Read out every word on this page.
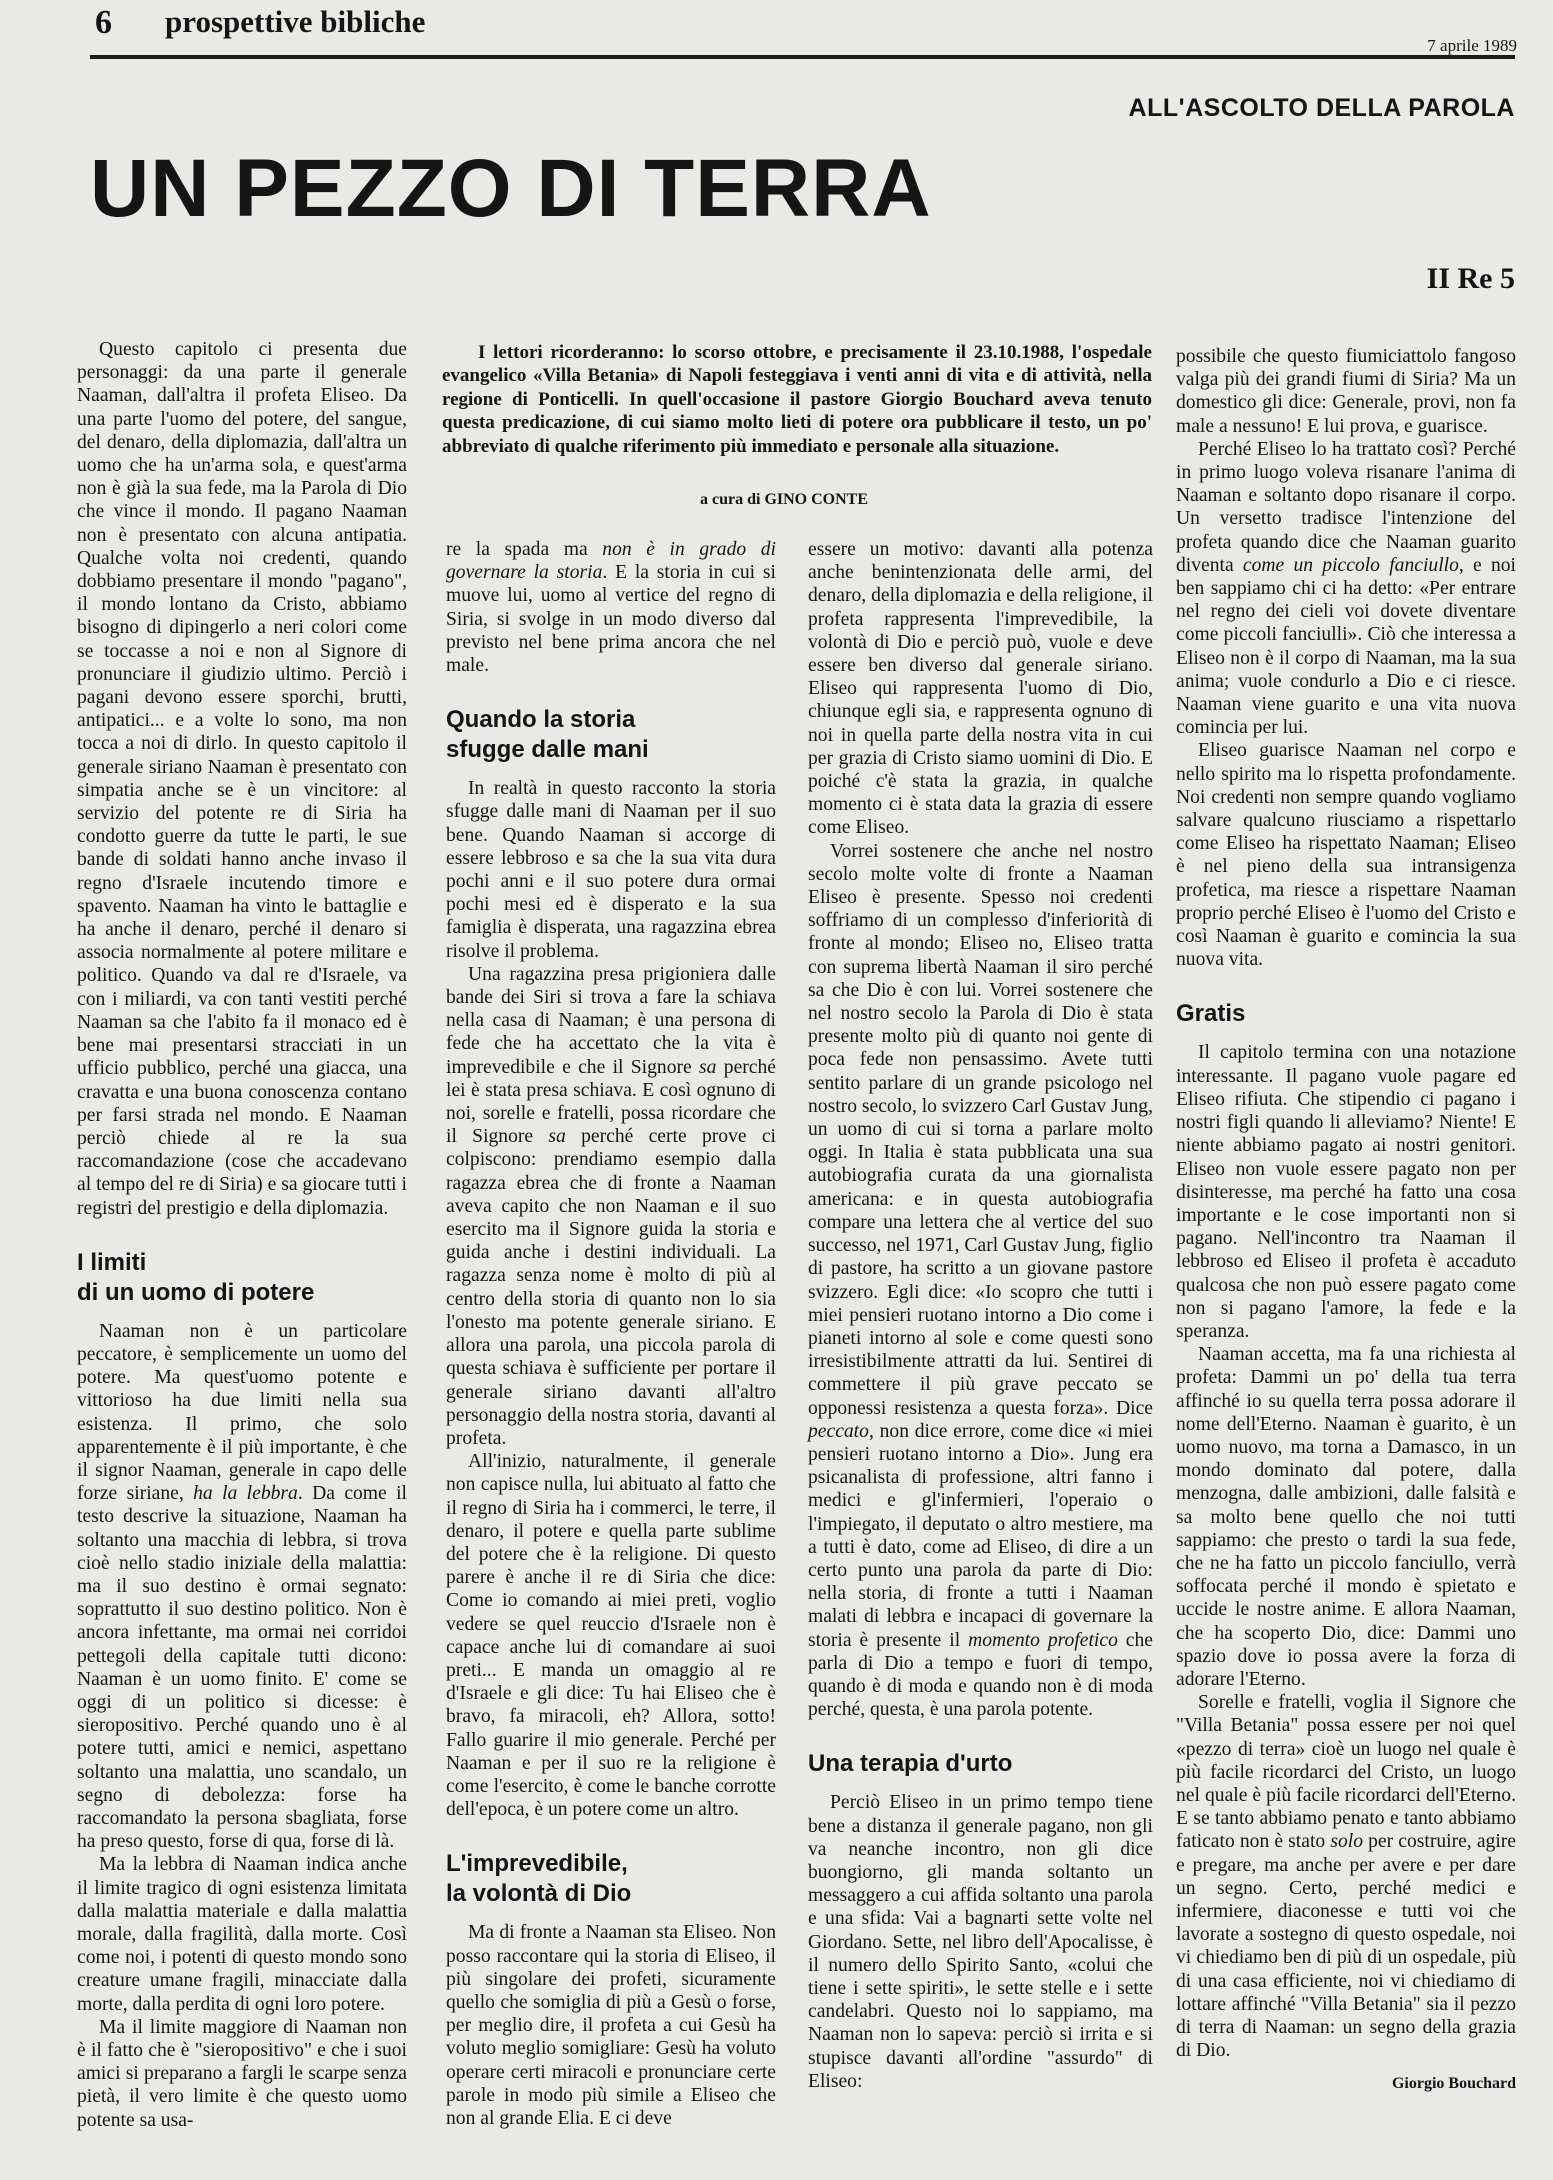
6 prospettive bibliche
7 aprile 1989
ALL'ASCOLTO DELLA PAROLA
UN PEZZO DI TERRA
II Re 5

Questo capitolo ci presenta due personaggi: da una parte il generale Naaman, dall'altra il profeta Eliseo. Da una parte l'uomo del potere, del sangue, del denaro, della diplomazia, dall'altra un uomo che ha un'arma sola, e quest'arma non è già la sua fede, ma la Parola di Dio che vince il mondo. Il pagano Naaman non è presentato con alcuna antipatia. Qualche volta noi credenti, quando dobbiamo presentare il mondo "pagano", il mondo lontano da Cristo, abbiamo bisogno di dipingerlo a neri colori come se toccasse a noi e non al Signore di pronunciare il giudizio ultimo. Perciò i pagani devono essere sporchi, brutti, antipatici... e a volte lo sono, ma non tocca a noi di dirlo. In questo capitolo il generale siriano Naaman è presentato con simpatia anche se è un vincitore: al servizio del potente re di Siria ha condotto guerre da tutte le parti, le sue bande di soldati hanno anche invaso il regno d'Israele incutendo timore e spavento. Naaman ha vinto le battaglie e ha anche il denaro, perché il denaro si associa normalmente al potere militare e politico. Quando va dal re d'Israele, va con i miliardi, va con tanti vestiti perché Naaman sa che l'abito fa il monaco ed è bene mai presentarsi stracciati in un ufficio pubblico, perché una giacca, una cravatta e una buona conoscenza contano per farsi strada nel mondo. E Naaman perciò chiede al re la sua raccomandazione (cose che accadevano al tempo del re di Siria) e sa giocare tutti i registri del prestigio e della diplomazia.

I limiti
di un uomo di potere

Naaman non è un particolare peccatore, è semplicemente un uomo del potere. Ma quest'uomo potente e vittorioso ha due limiti nella sua esistenza. Il primo, che solo apparentemente è il più importante, è che il signor Naaman, generale in capo delle forze siriane, ha la lebbra. Da come il testo descrive la situazione, Naaman ha soltanto una macchia di lebbra, si trova cioè nello stadio iniziale della malattia: ma il suo destino è ormai segnato: soprattutto il suo destino politico. Non è ancora infettante, ma ormai nei corridoi pettegoli della capitale tutti dicono: Naaman è un uomo finito. E' come se oggi di un politico si dicesse: è sieropositivo. Perché quando uno è al potere tutti, amici e nemici, aspettano soltanto una malattia, uno scandalo, un segno di debolezza: forse ha raccomandato la persona sbagliata, forse ha preso questo, forse di qua, forse di là.

Ma la lebbra di Naaman indica anche il limite tragico di ogni esistenza limitata dalla malattia materiale e dalla malattia morale, dalla fragilità, dalla morte. Così come noi, i potenti di questo mondo sono creature umane fragili, minacciate dalla morte, dalla perdita di ogni loro potere.

Ma il limite maggiore di Naaman non è il fatto che è "sieropositivo" e che i suoi amici si preparano a fargli le scarpe senza pietà, il vero limite è che questo uomo potente sa usa-

I lettori ricorderanno: lo scorso ottobre, e precisamente il 23.10.1988, l'ospedale evangelico «Villa Betania» di Napoli festeggiava i venti anni di vita e di attività, nella regione di Ponticelli. In quell'occasione il pastore Giorgio Bouchard aveva tenuto questa predicazione, di cui siamo molto lieti di potere ora pubblicare il testo, un po' abbreviato di qualche riferimento più immediato e personale alla situazione.

a cura di GINO CONTE

re la spada ma non è in grado di governare la storia. E la storia in cui si muove lui, uomo al vertice del regno di Siria, si svolge in un modo diverso dal previsto nel bene prima ancora che nel male.

Quando la storia
sfugge dalle mani

In realtà in questo racconto la storia sfugge dalle mani di Naaman per il suo bene. Quando Naaman si accorge di essere lebbroso e sa che la sua vita dura pochi anni e il suo potere dura ormai pochi mesi ed è disperato e la sua famiglia è disperata, una ragazzina ebrea risolve il problema.

Una ragazzina presa prigioniera dalle bande dei Siri si trova a fare la schiava nella casa di Naaman; è una persona di fede che ha accettato che la vita è imprevedibile e che il Signore sa perché lei è stata presa schiava. E così ognuno di noi, sorelle e fratelli, possa ricordare che il Signore sa perché certe prove ci colpiscono: prendiamo esempio dalla ragazza ebrea che di fronte a Naaman aveva capito che non Naaman e il suo esercito ma il Signore guida la storia e guida anche i destini individuali. La ragazza senza nome è molto di più al centro della storia di quanto non lo sia l'onesto ma potente generale siriano. E allora una parola, una piccola parola di questa schiava è sufficiente per portare il generale siriano davanti all'altro personaggio della nostra storia, davanti al profeta.

All'inizio, naturalmente, il generale non capisce nulla, lui abituato al fatto che il regno di Siria ha i commerci, le terre, il denaro, il potere e quella parte sublime del potere che è la religione. Di questo parere è anche il re di Siria che dice: Come io comando ai miei preti, voglio vedere se quel reuccio d'Israele non è capace anche lui di comandare ai suoi preti... E manda un omaggio al re d'Israele e gli dice: Tu hai Eliseo che è bravo, fa miracoli, eh? Allora, sotto! Fallo guarire il mio generale. Perché per Naaman e per il suo re la religione è come l'esercito, è come le banche corrotte dell'epoca, è un potere come un altro.

L'imprevedibile,
la volontà di Dio

Ma di fronte a Naaman sta Eliseo. Non posso raccontare qui la storia di Eliseo, il più singolare dei profeti, sicuramente quello che somiglia di più a Gesù o forse, per meglio dire, il profeta a cui Gesù ha voluto meglio somigliare: Gesù ha voluto operare certi miracoli e pronunciare certe parole in modo più simile a Eliseo che non al grande Elia. E ci deve

essere un motivo: davanti alla potenza anche benintenzionata delle armi, del denaro, della diplomazia e della religione, il profeta rappresenta l'imprevedibile, la volontà di Dio e perciò può, vuole e deve essere ben diverso dal generale siriano. Eliseo qui rappresenta l'uomo di Dio, chiunque egli sia, e rappresenta ognuno di noi in quella parte della nostra vita in cui per grazia di Cristo siamo uomini di Dio. E poiché c'è stata la grazia, in qualche momento ci è stata data la grazia di essere come Eliseo.

Vorrei sostenere che anche nel nostro secolo molte volte di fronte a Naaman Eliseo è presente. Spesso noi credenti soffriamo di un complesso d'inferiorità di fronte al mondo; Eliseo no, Eliseo tratta con suprema libertà Naaman il siro perché sa che Dio è con lui. Vorrei sostenere che nel nostro secolo la Parola di Dio è stata presente molto più di quanto noi gente di poca fede non pensassimo. Avete tutti sentito parlare di un grande psicologo nel nostro secolo, lo svizzero Carl Gustav Jung, un uomo di cui si torna a parlare molto oggi. In Italia è stata pubblicata una sua autobiografia curata da una giornalista americana: e in questa autobiografia compare una lettera che al vertice del suo successo, nel 1971, Carl Gustav Jung, figlio di pastore, ha scritto a un giovane pastore svizzero. Egli dice: «Io scopro che tutti i miei pensieri ruotano intorno a Dio come i pianeti intorno al sole e come questi sono irresistibilmente attratti da lui. Sentirei di commettere il più grave peccato se opponessi resistenza a questa forza». Dice peccato, non dice errore, come dice «i miei pensieri ruotano intorno a Dio». Jung era psicanalista di professione, altri fanno i medici e gl'infermieri, l'operaio o l'impiegato, il deputato o altro mestiere, ma a tutti è dato, come ad Eliseo, di dire a un certo punto una parola da parte di Dio: nella storia, di fronte a tutti i Naaman malati di lebbra e incapaci di governare la storia è presente il momento profetico che parla di Dio a tempo e fuori di tempo, quando è di moda e quando non è di moda perché, questa, è una parola potente.

Una terapia d'urto

Perciò Eliseo in un primo tempo tiene bene a distanza il generale pagano, non gli va neanche incontro, non gli dice buongiorno, gli manda soltanto un messaggero a cui affida soltanto una parola e una sfida: Vai a bagnarti sette volte nel Giordano. Sette, nel libro dell'Apocalisse, è il numero dello Spirito Santo, «colui che tiene i sette spiriti», le sette stelle e i sette candelabri. Questo noi lo sappiamo, ma Naaman non lo sapeva: perciò si irrita e si stupisce davanti all'ordine "assurdo" di Eliseo:

possibile che questo fiumiciattolo fangoso valga più dei grandi fiumi di Siria? Ma un domestico gli dice: Generale, provi, non fa male a nessuno! E lui prova, e guarisce.

Perché Eliseo lo ha trattato così? Perché in primo luogo voleva risanare l'anima di Naaman e soltanto dopo risanare il corpo. Un versetto tradisce l'intenzione del profeta quando dice che Naaman guarito diventa come un piccolo fanciullo, e noi ben sappiamo chi ci ha detto: «Per entrare nel regno dei cieli voi dovete diventare come piccoli fanciulli». Ciò che interessa a Eliseo non è il corpo di Naaman, ma la sua anima; vuole condurlo a Dio e ci riesce. Naaman viene guarito e una vita nuova comincia per lui.

Eliseo guarisce Naaman nel corpo e nello spirito ma lo rispetta profondamente. Noi credenti non sempre quando vogliamo salvare qualcuno riusciamo a rispettarlo come Eliseo ha rispettato Naaman; Eliseo è nel pieno della sua intransigenza profetica, ma riesce a rispettare Naaman proprio perché Eliseo è l'uomo del Cristo e così Naaman è guarito e comincia la sua nuova vita.

Gratis

Il capitolo termina con una notazione interessante. Il pagano vuole pagare ed Eliseo rifiuta. Che stipendio ci pagano i nostri figli quando li alleviamo? Niente! E niente abbiamo pagato ai nostri genitori. Eliseo non vuole essere pagato non per disinteresse, ma perché ha fatto una cosa importante e le cose importanti non si pagano. Nell'incontro tra Naaman il lebbroso ed Eliseo il profeta è accaduto qualcosa che non può essere pagato come non si pagano l'amore, la fede e la speranza.

Naaman accetta, ma fa una richiesta al profeta: Dammi un po' della tua terra affinché io su quella terra possa adorare il nome dell'Eterno. Naaman è guarito, è un uomo nuovo, ma torna a Damasco, in un mondo dominato dal potere, dalla menzogna, dalle ambizioni, dalle falsità e sa molto bene quello che noi tutti sappiamo: che presto o tardi la sua fede, che ne ha fatto un piccolo fanciullo, verrà soffocata perché il mondo è spietato e uccide le nostre anime. E allora Naaman, che ha scoperto Dio, dice: Dammi uno spazio dove io possa avere la forza di adorare l'Eterno.

Sorelle e fratelli, voglia il Signore che "Villa Betania" possa essere per noi quel «pezzo di terra» cioè un luogo nel quale è più facile ricordarci del Cristo, un luogo nel quale è più facile ricordarci dell'Eterno. E se tanto abbiamo penato e tanto abbiamo faticato non è stato solo per costruire, agire e pregare, ma anche per avere e per dare un segno. Certo, perché medici e infermiere, diaconesse e tutti voi che lavorate a sostegno di questo ospedale, noi vi chiediamo ben di più di un ospedale, più di una casa efficiente, noi vi chiediamo di lottare affinché "Villa Betania" sia il pezzo di terra di Naaman: un segno della grazia di Dio.

Giorgio Bouchard
